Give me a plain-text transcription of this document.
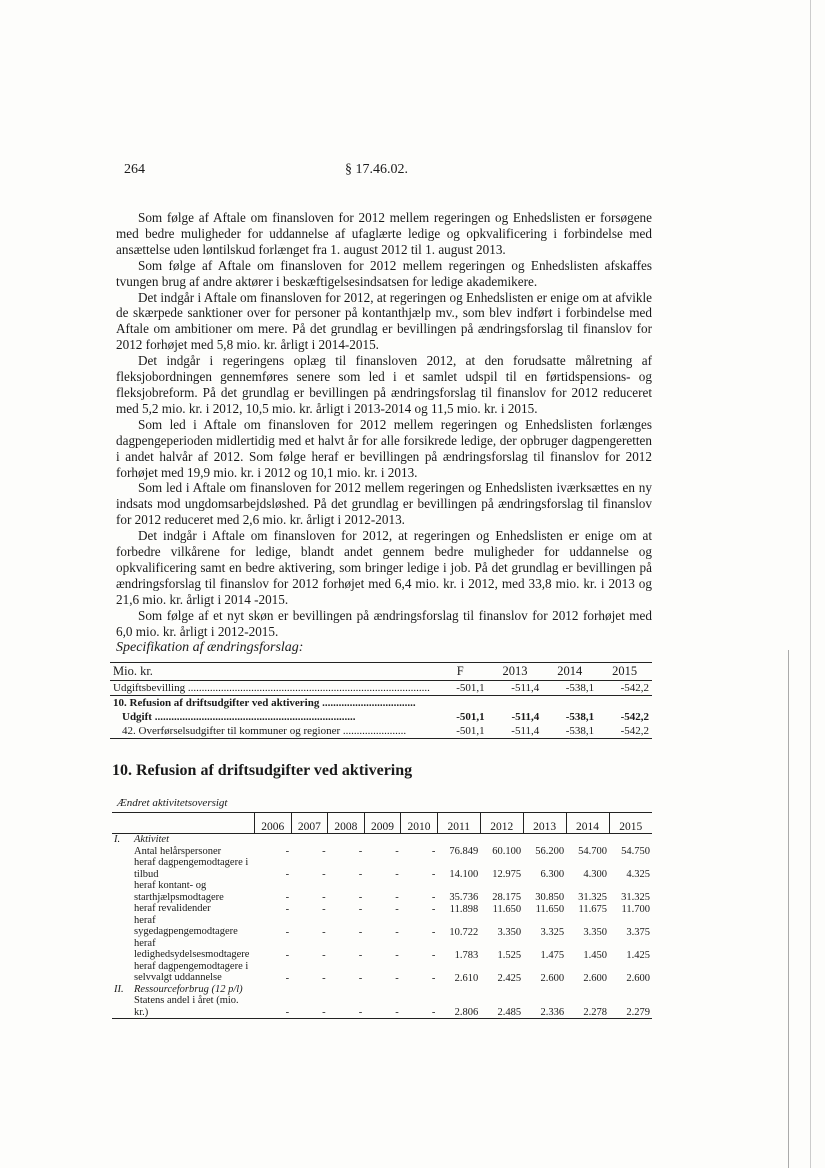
264	§ 17.46.02.

Som følge af Aftale om finansloven for 2012 mellem regeringen og Enhedslisten er forsøgene med bedre muligheder for uddannelse af ufaglærte ledige og opkvalificering i forbindelse med ansættelse uden løntilskud forlænget fra 1. august 2012 til 1. august 2013.

Som følge af Aftale om finansloven for 2012 mellem regeringen og Enhedslisten afskaffes tvungen brug af andre aktører i beskæftigelsesindsatsen for ledige akademikere.

Det indgår i Aftale om finansloven for 2012, at regeringen og Enhedslisten er enige om at afvikle de skærpede sanktioner over for personer på kontanthjælp mv., som blev indført i forbindelse med Aftale om ambitioner om mere. På det grundlag er bevillingen på ændringsforslag til finanslov for 2012 forhøjet med 5,8 mio. kr. årligt i 2014-2015.

Det indgår i regeringens oplæg til finansloven 2012, at den forudsatte målretning af fleksjobordningen gennemføres senere som led i et samlet udspil til en førtidspensions- og fleksjobreform. På det grundlag er bevillingen på ændringsforslag til finanslov for 2012 reduceret med 5,2 mio. kr. i 2012, 10,5 mio. kr. årligt i 2013-2014 og 11,5 mio. kr. i 2015.

Som led i Aftale om finansloven for 2012 mellem regeringen og Enhedslisten forlænges dagpengeperioden midlertidig med et halvt år for alle forsikrede ledige, der opbruger dagpengeretten i andet halvår af 2012. Som følge heraf er bevillingen på ændringsforslag til finanslov for 2012 forhøjet med 19,9 mio. kr. i 2012 og 10,1 mio. kr. i 2013.

Som led i Aftale om finansloven for 2012 mellem regeringen og Enhedslisten iværksættes en ny indsats mod ungdomsarbejdsløshed. På det grundlag er bevillingen på ændringsforslag til finanslov for 2012 reduceret med 2,6 mio. kr. årligt i 2012-2013.

Det indgår i Aftale om finansloven for 2012, at regeringen og Enhedslisten er enige om at forbedre vilkårene for ledige, blandt andet gennem bedre muligheder for uddannelse og opkvalificering samt en bedre aktivering, som bringer ledige i job. På det grundlag er bevillingen på ændringsforslag til finanslov for 2012 forhøjet med 6,4 mio. kr. i 2012, med 33,8 mio. kr. i 2013 og 21,6 mio. kr. årligt i 2014 -2015.

Som følge af et nyt skøn er bevillingen på ændringsforslag til finanslov for 2012 forhøjet med 6,0 mio. kr. årligt i 2012-2015.

Specifikation af ændringsforslag:
Mio. kr.	F	2013	2014	2015
Udgiftsbevilling ........................................................................................	-501,1	-511,4	-538,1	-542,2
10. Refusion af driftsudgifter ved aktivering ..................................				
Udgift .........................................................................	-501,1	-511,4	-538,1	-542,2
42. Overførselsudgifter til kommuner og regioner .......................	-501,1	-511,4	-538,1	-542,2
10. Refusion af driftsudgifter ved aktivering
Ændret aktivitetsoversigt
		2006	2007	2008	2009	2010	2011	2012	2013	2014	2015
I.	Aktivitet										
	Antal helårspersoner	-	-	-	-	-	76.849	60.100	56.200	54.700	54.750
	heraf dagpengemodtagere i tilbud	-	-	-	-	-	14.100	12.975	6.300	4.300	4.325
	heraf kontant- og starthjælpsmodtagere	-	-	-	-	-	35.736	28.175	30.850	31.325	31.325
	heraf revalidender	-	-	-	-	-	11.898	11.650	11.650	11.675	11.700
	heraf sygedagpengemodtagere	-	-	-	-	-	10.722	3.350	3.325	3.350	3.375
	heraf ledighedsydelsesmodtagere	-	-	-	-	-	1.783	1.525	1.475	1.450	1.425
	heraf dagpengemodtagere i selvvalgt uddannelse	-	-	-	-	-	2.610	2.425	2.600	2.600	2.600
II.	Ressourceforbrug (12 p/l)										
	Statens andel i året (mio. kr.)	-	-	-	-	-	2.806	2.485	2.336	2.278	2.279
